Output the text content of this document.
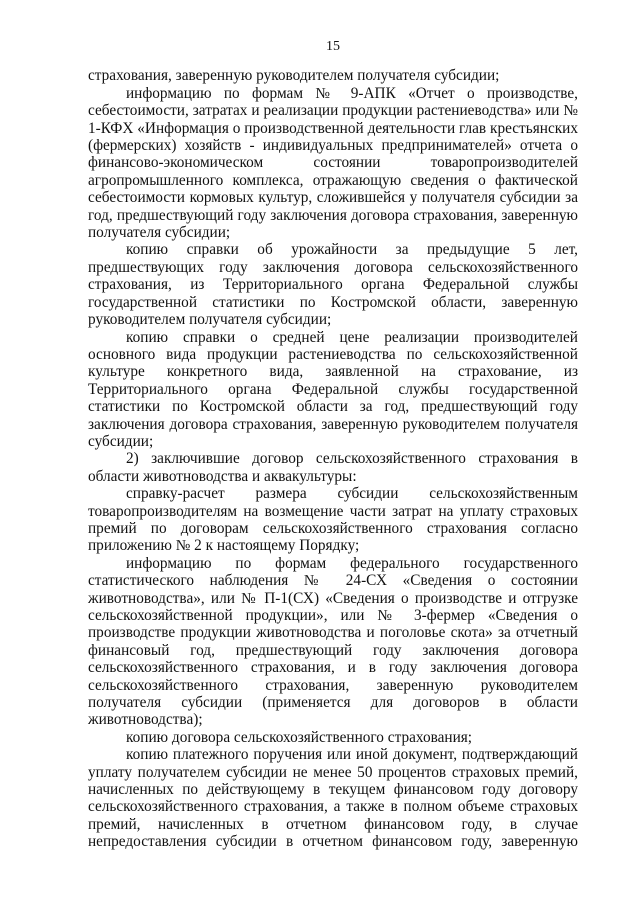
15

страхования, заверенную руководителем получателя субсидии;

информацию по формам № 9-АПК «Отчет о производстве, себестоимости, затратах и реализации продукции растениеводства» или № 1-КФХ «Информация о производственной деятельности глав крестьянских (фермерских) хозяйств - индивидуальных предпринимателей» отчета о финансово-экономическом состоянии товаропроизводителей агропромышленного комплекса, отражающую сведения о фактической себестоимости кормовых культур, сложившейся у получателя субсидии за год, предшествующий году заключения договора страхования, заверенную получателя субсидии;

копию справки об урожайности за предыдущие 5 лет, предшествующих году заключения договора сельскохозяйственного страхования, из Территориального органа Федеральной службы государственной статистики по Костромской области, заверенную руководителем получателя субсидии;

копию справки о средней цене реализации производителей основного вида продукции растениеводства по сельскохозяйственной культуре конкретного вида, заявленной на страхование, из Территориального органа Федеральной службы государственной статистики по Костромской области за год, предшествующий году заключения договора страхования, заверенную руководителем получателя субсидии;

2) заключившие договор сельскохозяйственного страхования в области животноводства и аквакультуры:

справку-расчет размера субсидии сельскохозяйственным товаропроизводителям на возмещение части затрат на уплату страховых премий по договорам сельскохозяйственного страхования согласно приложению № 2 к настоящему Порядку;

информацию по формам федерального государственного статистического наблюдения № 24-СХ «Сведения о состоянии животноводства», или № П-1(СХ) «Сведения о производстве и отгрузке сельскохозяйственной продукции», или № 3-фермер «Сведения о производстве продукции животноводства и поголовье скота» за отчетный финансовый год, предшествующий году заключения договора сельскохозяйственного страхования, и в году заключения договора сельскохозяйственного страхования, заверенную руководителем получателя субсидии (применяется для договоров в области животноводства);

копию договора сельскохозяйственного страхования;

копию платежного поручения или иной документ, подтверждающий уплату получателем субсидии не менее 50 процентов страховых премий, начисленных по действующему в текущем финансовом году договору сельскохозяйственного страхования, а также в полном объеме страховых премий, начисленных в отчетном финансовом году, в случае непредоставления субсидии в отчетном финансовом году, заверенную
